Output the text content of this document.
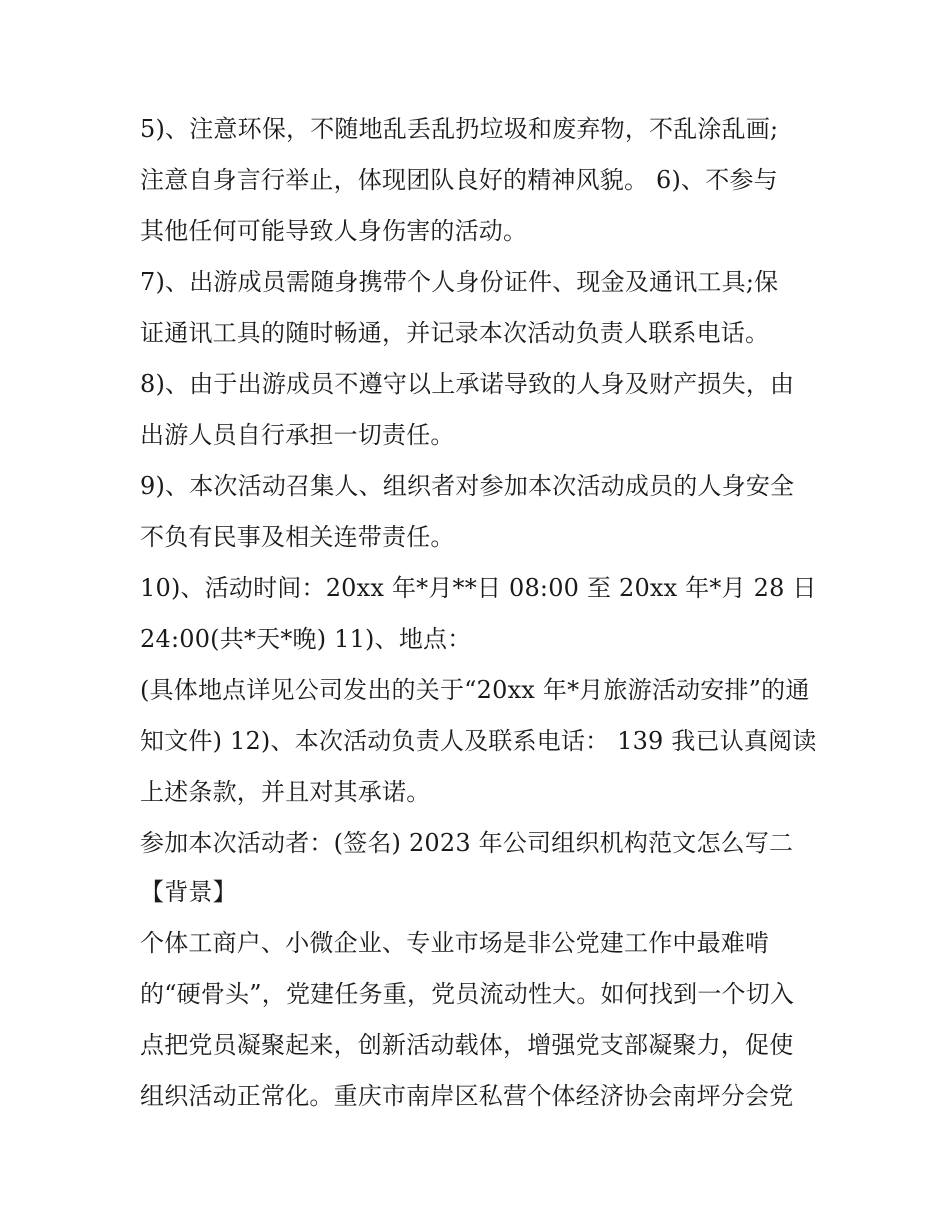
5)、注意环保，不随地乱丢乱扔垃圾和废弃物，不乱涂乱画;
注意自身言行举止，体现团队良好的精神风貌。 6)、不参与
其他任何可能导致人身伤害的活动。
7)、出游成员需随身携带个人身份证件、现金及通讯工具;保
证通讯工具的随时畅通，并记录本次活动负责人联系电话。
8)、由于出游成员不遵守以上承诺导致的人身及财产损失，由
出游人员自行承担一切责任。
9)、本次活动召集人、组织者对参加本次活动成员的人身安全
不负有民事及相关连带责任。
10)、活动时间：20xx 年*月**日 08:00 至 20xx 年*月 28 日
24:00(共*天*晚) 11)、地点：
(具体地点详见公司发出的关于“20xx 年*月旅游活动安排”的通
知文件) 12)、本次活动负责人及联系电话： 139 我已认真阅读
上述条款，并且对其承诺。
参加本次活动者：(签名) 2023 年公司组织机构范文怎么写二
【背景】
个体工商户、小微企业、专业市场是非公党建工作中最难啃
的“硬骨头”，党建任务重，党员流动性大。如何找到一个切入
点把党员凝聚起来，创新活动载体，增强党支部凝聚力，促使
组织活动正常化。重庆市南岸区私营个体经济协会南坪分会党
